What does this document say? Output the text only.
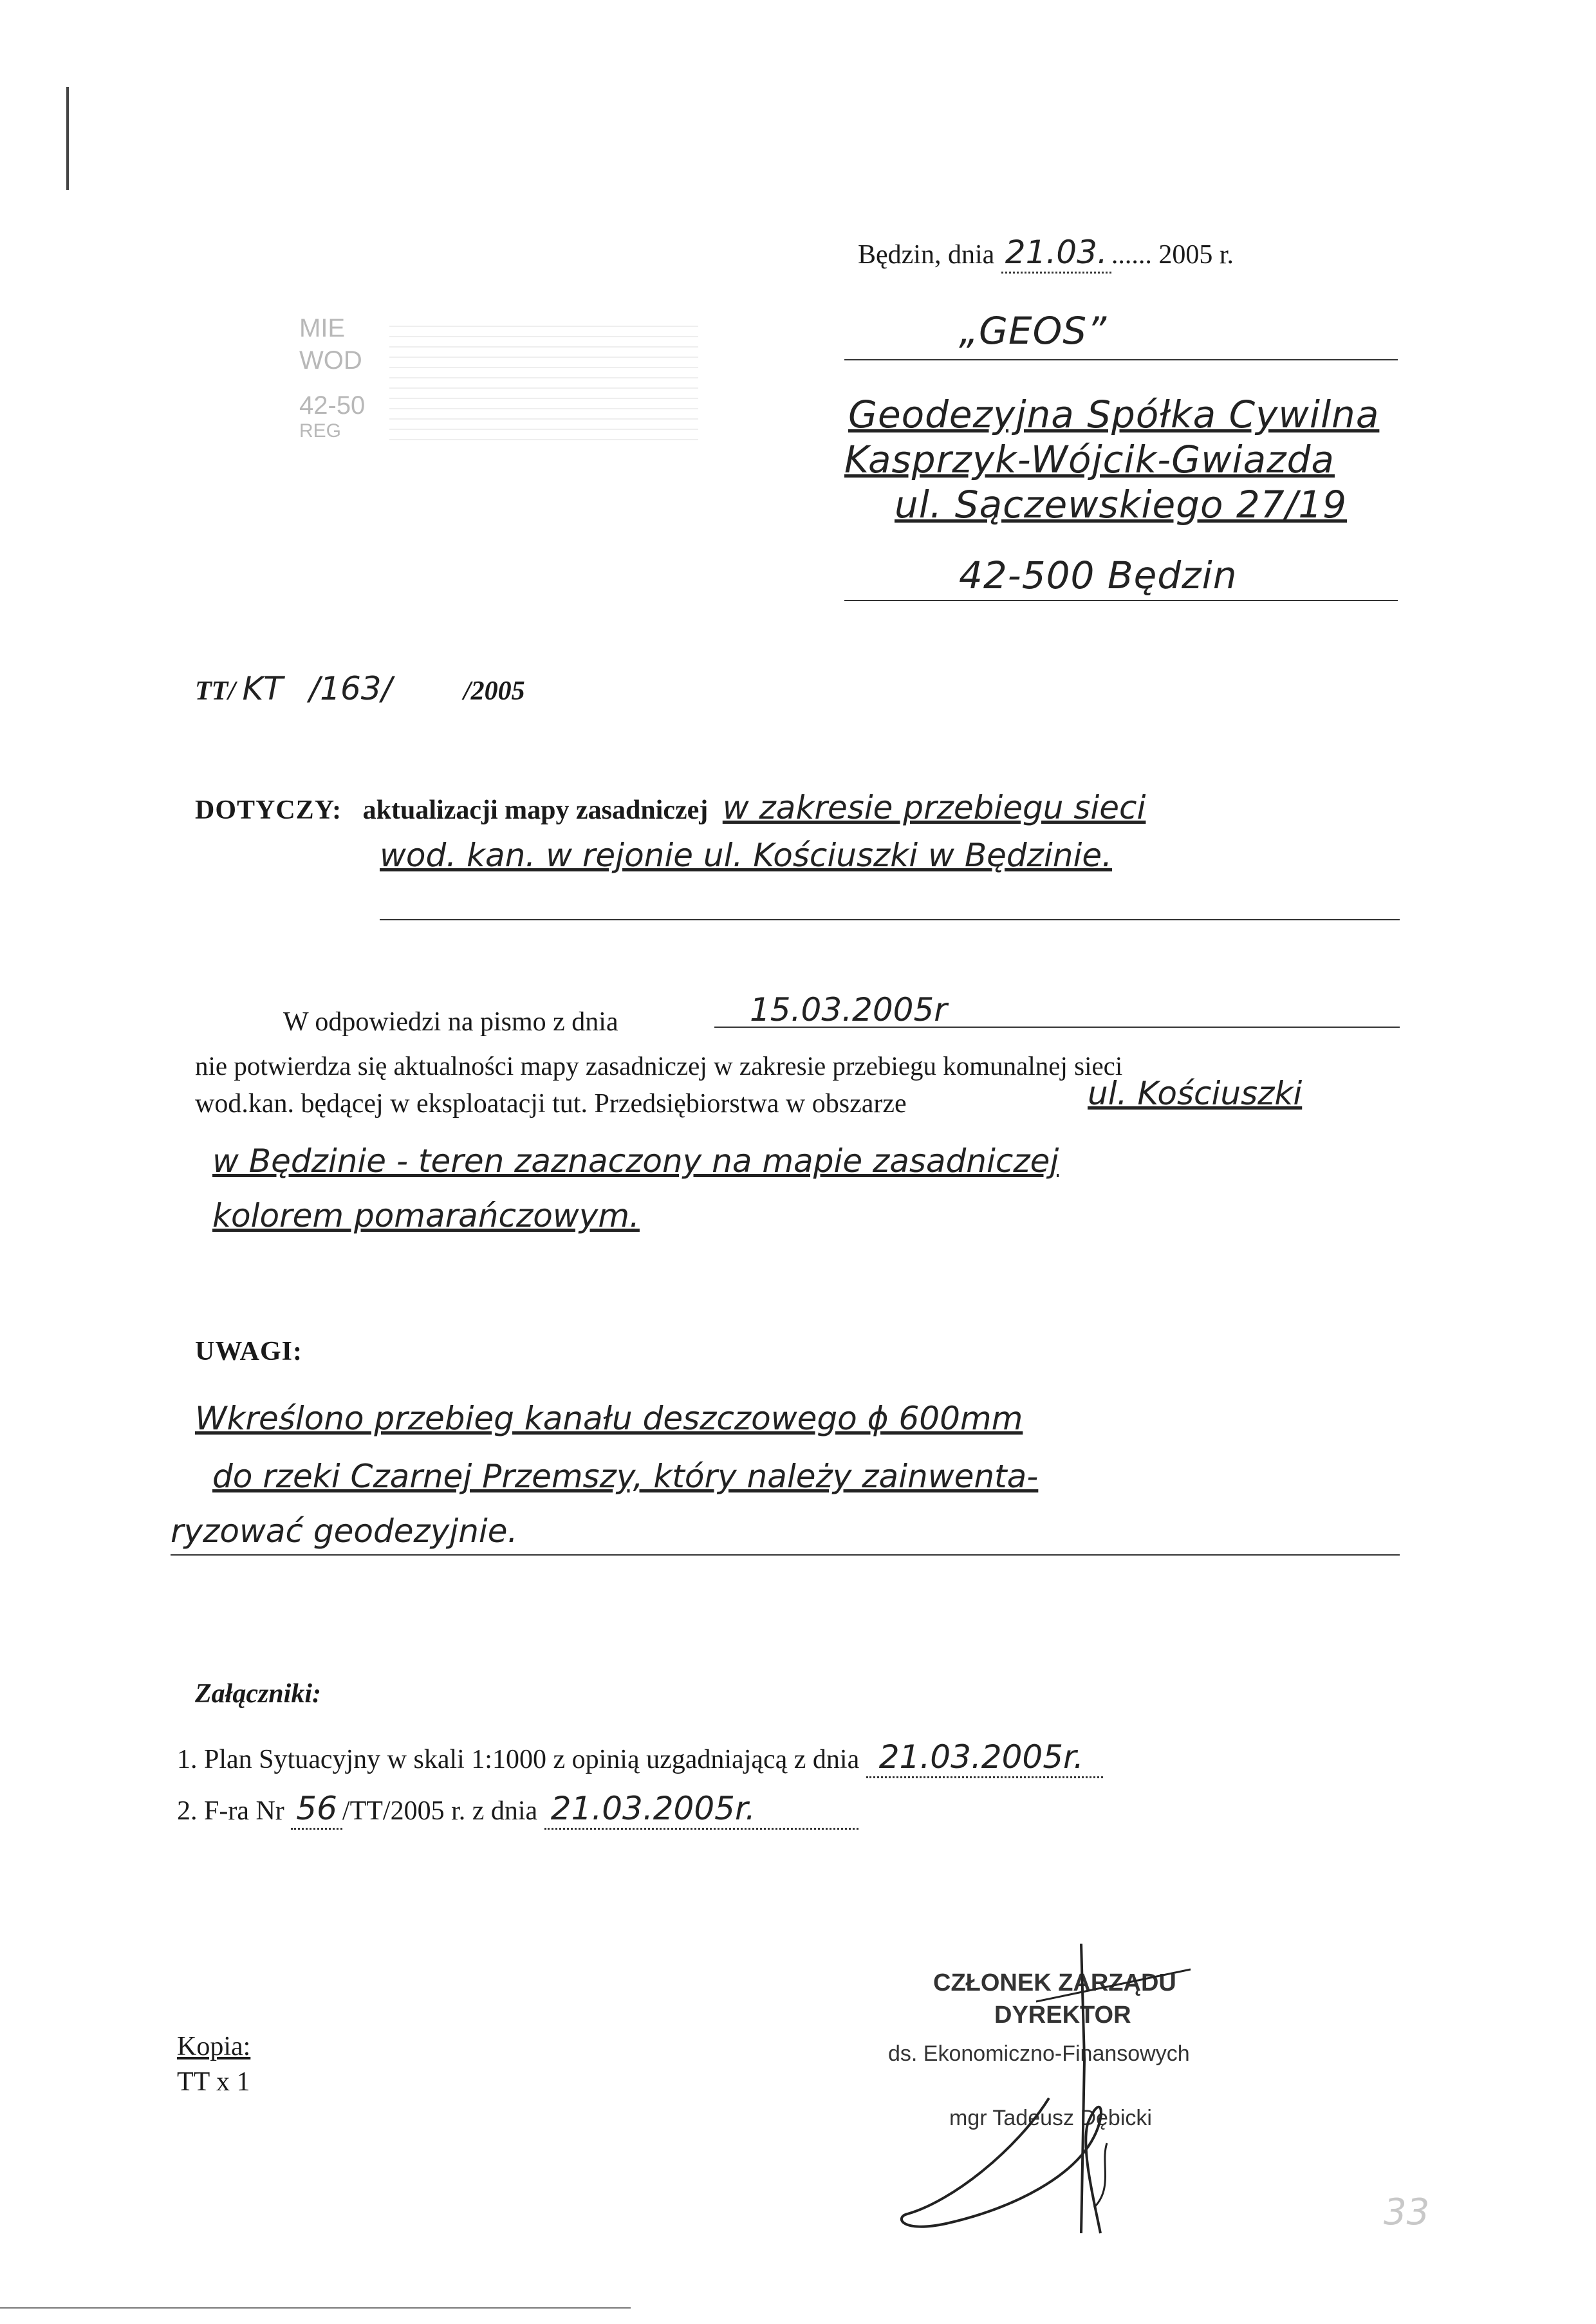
Będzin, dnia 21.03. ...... 2005 r.
MIE
WOD
42-50
REG
„GEOS”
Geodezyjna Spółka Cywilna
Kasprzyk-Wójcik-Gwiazda
ul. Sączewskiego 27/19
42-500 Będzin
TT/ KT /163/	/2005
DOTYCZY: aktualizacji mapy zasadniczej w zakresie przebiegu sieci
wod. kan. w rejonie ul. Kościuszki w Będzinie.
W odpowiedzi na pismo z dnia	15.03.2005r
nie potwierdza się aktualności mapy zasadniczej w zakresie przebiegu komunalnej sieci
wod.kan. będącej w eksploatacji tut. Przedsiębiorstwa w obszarze	ul. Kościuszki
w Będzinie - teren zaznaczony na mapie zasadniczej
kolorem pomarańczowym.
UWAGI:
Wkreślono przebieg kanału deszczowego ϕ 600mm
do rzeki Czarnej Przemszy, który należy zainwenta-
ryzować geodezyjnie.
Załączniki:
1. Plan Sytuacyjny w skali 1:1000 z opinią uzgadniającą z dnia 21.03.2005r.
2. F-ra Nr 56 /TT/2005 r. z dnia 21.03.2005r.
Kopia:
TT x 1
CZŁONEK ZARZĄDU
DYREKTOR
ds. Ekonomiczno-Finansowych
mgr Tadeusz Dębicki
33
